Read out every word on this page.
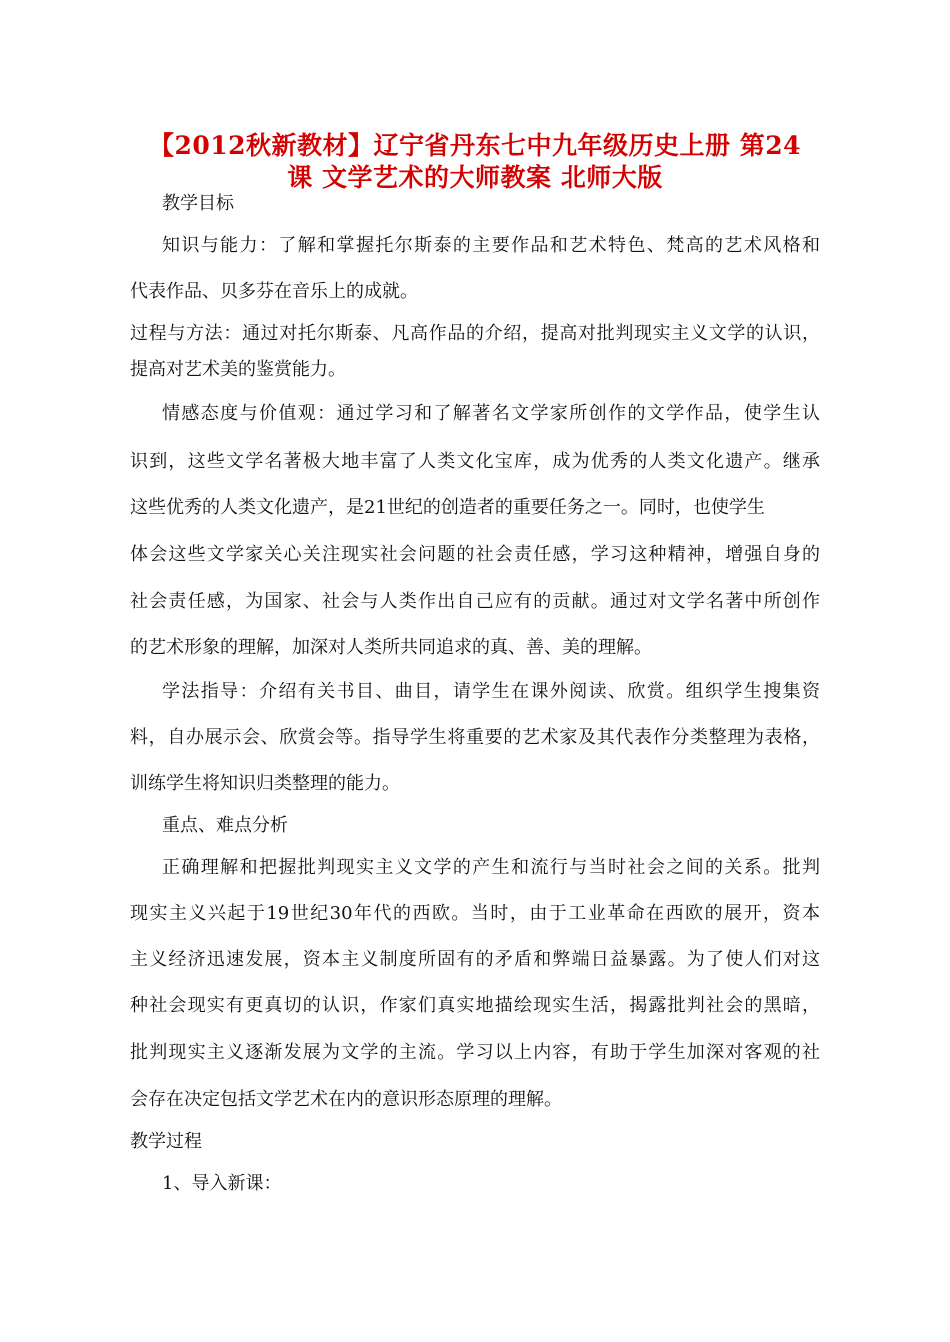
【2012秋新教材】辽宁省丹东七中九年级历史上册 第24
课 文学艺术的大师教案 北师大版
教学目标
知识与能力：了解和掌握托尔斯泰的主要作品和艺术特色、梵高的艺术风格和
代表作品、贝多芬在音乐上的成就。
过程与方法：通过对托尔斯泰、凡高作品的介绍，提高对批判现实主义文学的认识，
提高对艺术美的鉴赏能力。
情感态度与价值观：通过学习和了解著名文学家所创作的文学作品，使学生认
识到，这些文学名著极大地丰富了人类文化宝库，成为优秀的人类文化遗产。继承
这些优秀的人类文化遗产，是21世纪的创造者的重要任务之一。同时，也使学生
体会这些文学家关心关注现实社会问题的社会责任感，学习这种精神，增强自身的
社会责任感，为国家、社会与人类作出自己应有的贡献。通过对文学名著中所创作
的艺术形象的理解，加深对人类所共同追求的真、善、美的理解。
学法指导：介绍有关书目、曲目，请学生在课外阅读、欣赏。组织学生搜集资
料，自办展示会、欣赏会等。指导学生将重要的艺术家及其代表作分类整理为表格，
训练学生将知识归类整理的能力。
重点、难点分析
正确理解和把握批判现实主义文学的产生和流行与当时社会之间的关系。批判
现实主义兴起于19世纪30年代的西欧。当时，由于工业革命在西欧的展开，资本
主义经济迅速发展，资本主义制度所固有的矛盾和弊端日益暴露。为了使人们对这
种社会现实有更真切的认识，作家们真实地描绘现实生活，揭露批判社会的黑暗，
批判现实主义逐渐发展为文学的主流。学习以上内容，有助于学生加深对客观的社
会存在决定包括文学艺术在内的意识形态原理的理解。
教学过程
1、导入新课：
